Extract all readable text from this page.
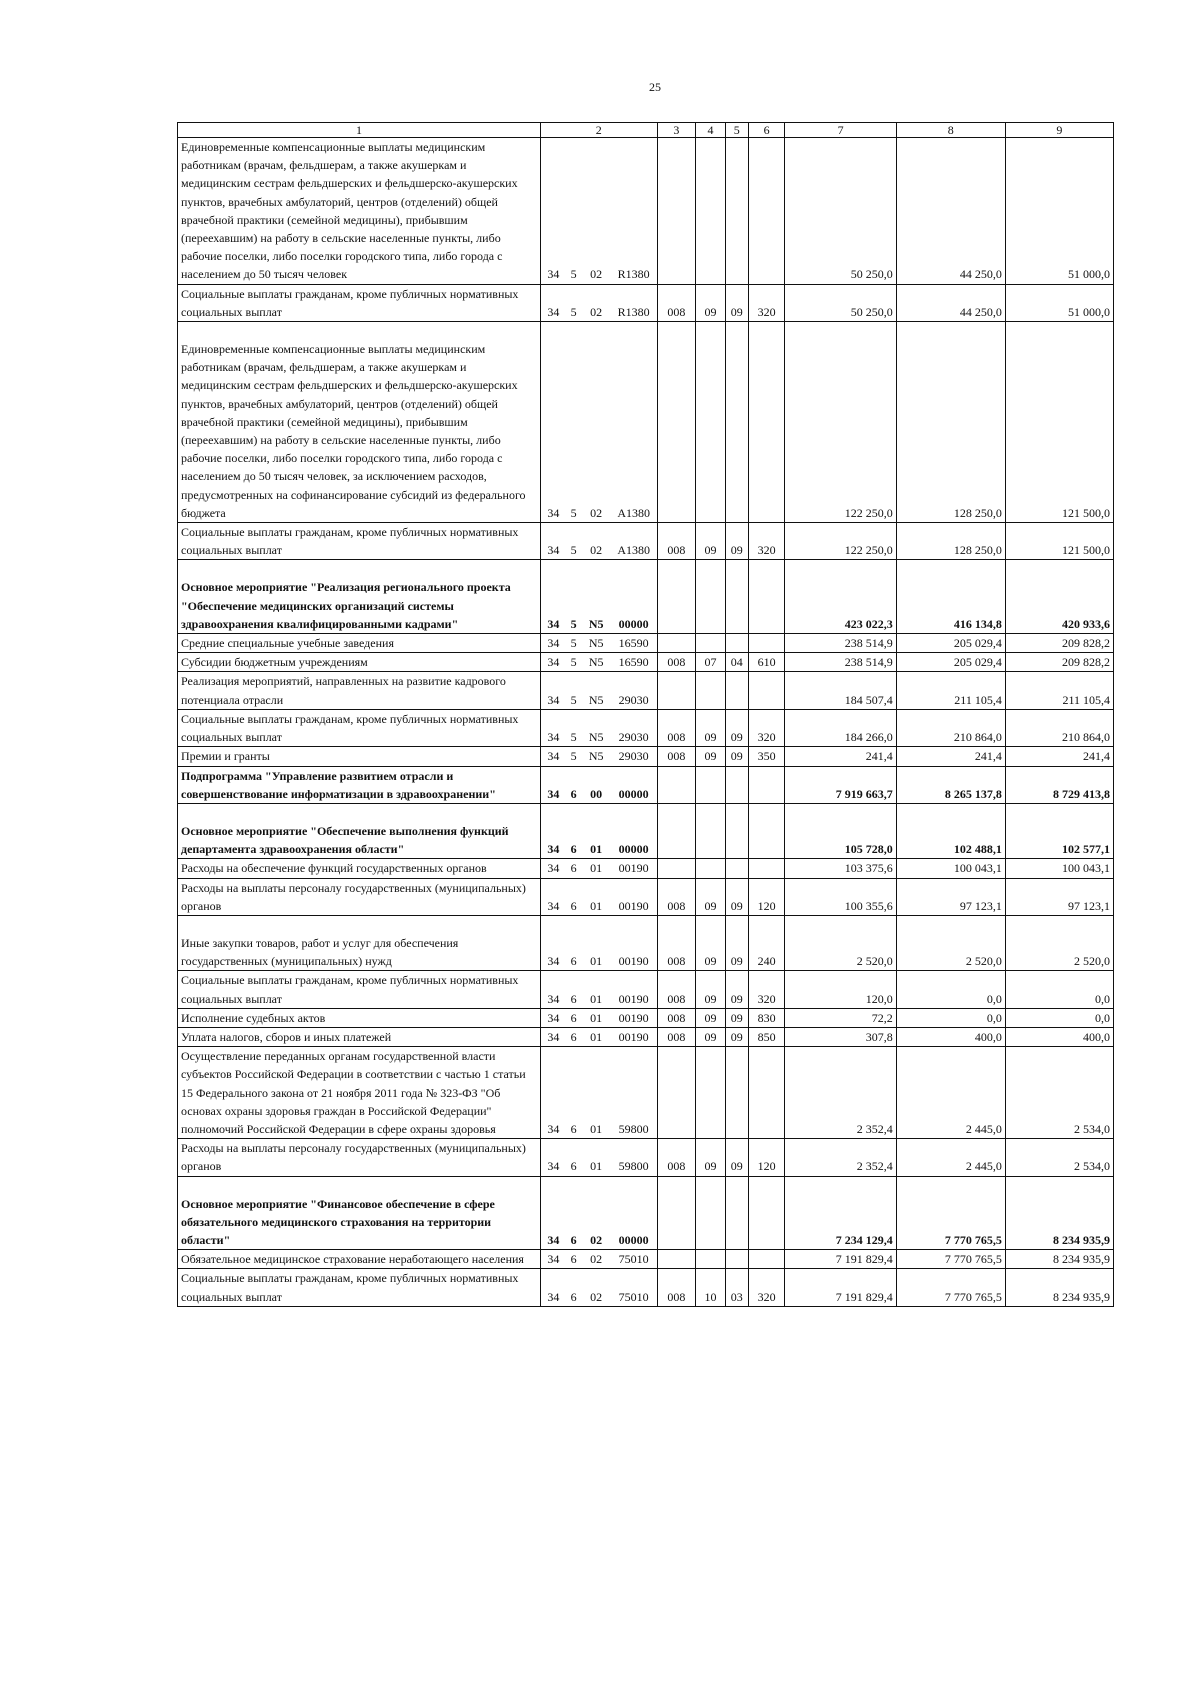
25
1	2				3	4	5	6	7	8	9
Единовременные компенсационные выплаты медицинским работникам (врачам, фельдшерам, а также акушеркам и медицинским сестрам фельдшерских и фельдшерско-акушерских пунктов, врачебных амбулаторий, центров (отделений) общей врачебной практики (семейной медицины), прибывшим (переехавшим) на работу в сельские населенные пункты, либо рабочие поселки, либо поселки городского типа, либо города с населением до 50 тысяч человек	34	5	02	R1380					50 250,0	44 250,0	51 000,0
Социальные выплаты гражданам, кроме публичных нормативных социальных выплат	34	5	02	R1380	008	09	09	320	50 250,0	44 250,0	51 000,0
Единовременные компенсационные выплаты медицинским работникам (врачам, фельдшерам, а также акушеркам и медицинским сестрам фельдшерских и фельдшерско-акушерских пунктов, врачебных амбулаторий, центров (отделений) общей врачебной практики (семейной медицины), прибывшим (переехавшим) на работу в сельские населенные пункты, либо рабочие поселки, либо поселки городского типа, либо города с населением до 50 тысяч человек, за исключением расходов, предусмотренных на софинансирование субсидий из федерального бюджета	34	5	02	A1380					122 250,0	128 250,0	121 500,0
Социальные выплаты гражданам, кроме публичных нормативных социальных выплат	34	5	02	A1380	008	09	09	320	122 250,0	128 250,0	121 500,0
Основное мероприятие "Реализация регионального проекта "Обеспечение медицинских организаций системы здравоохранения квалифицированными кадрами"	34	5	N5	00000					423 022,3	416 134,8	420 933,6
Средние специальные учебные заведения	34	5	N5	16590					238 514,9	205 029,4	209 828,2
Субсидии бюджетным учреждениям	34	5	N5	16590	008	07	04	610	238 514,9	205 029,4	209 828,2
Реализация мероприятий, направленных на развитие кадрового потенциала отрасли	34	5	N5	29030					184 507,4	211 105,4	211 105,4
Социальные выплаты гражданам, кроме публичных нормативных социальных выплат	34	5	N5	29030	008	09	09	320	184 266,0	210 864,0	210 864,0
Премии и гранты	34	5	N5	29030	008	09	09	350	241,4	241,4	241,4
Подпрограмма "Управление развитием отрасли и совершенствование информатизации в здравоохранении"	34	6	00	00000					7 919 663,7	8 265 137,8	8 729 413,8
Основное мероприятие "Обеспечение выполнения функций департамента здравоохранения области"	34	6	01	00000					105 728,0	102 488,1	102 577,1
Расходы на обеспечение функций государственных органов	34	6	01	00190					103 375,6	100 043,1	100 043,1
Расходы на выплаты персоналу государственных (муниципальных) органов	34	6	01	00190	008	09	09	120	100 355,6	97 123,1	97 123,1
Иные закупки товаров, работ и услуг для обеспечения государственных (муниципальных) нужд	34	6	01	00190	008	09	09	240	2 520,0	2 520,0	2 520,0
Социальные выплаты гражданам, кроме публичных нормативных социальных выплат	34	6	01	00190	008	09	09	320	120,0	0,0	0,0
Исполнение судебных актов	34	6	01	00190	008	09	09	830	72,2	0,0	0,0
Уплата налогов, сборов и иных платежей	34	6	01	00190	008	09	09	850	307,8	400,0	400,0
Осуществление переданных органам государственной власти субъектов Российской Федерации в соответствии с частью 1 статьи 15 Федерального закона от 21 ноября 2011 года № 323-ФЗ "Об основах охраны здоровья граждан в Российской Федерации" полномочий Российской Федерации в сфере охраны здоровья	34	6	01	59800					2 352,4	2 445,0	2 534,0
Расходы на выплаты персоналу государственных (муниципальных) органов	34	6	01	59800	008	09	09	120	2 352,4	2 445,0	2 534,0
Основное мероприятие "Финансовое обеспечение в сфере обязательного медицинского страхования на территории области"	34	6	02	00000					7 234 129,4	7 770 765,5	8 234 935,9
Обязательное медицинское страхование неработающего населения	34	6	02	75010					7 191 829,4	7 770 765,5	8 234 935,9
Социальные выплаты гражданам, кроме публичных нормативных социальных выплат	34	6	02	75010	008	10	03	320	7 191 829,4	7 770 765,5	8 234 935,9
